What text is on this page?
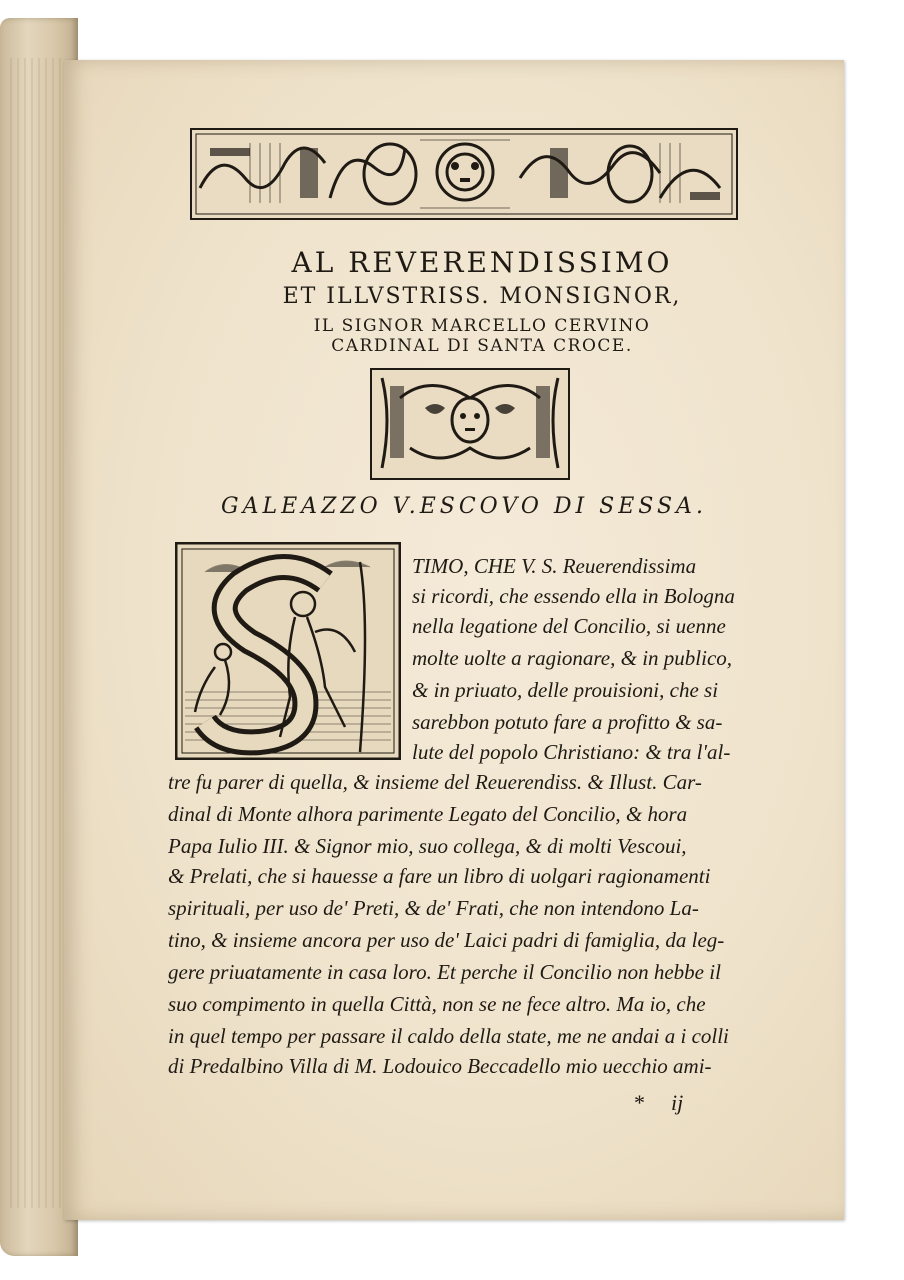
AL REVERENDISSIMO

ET ILLVSTRISS. MONSIGNOR,

IL SIGNOR MARCELLO CERVINO

CARDINAL DI SANTA CROCE.

GALEAZZO V.ESCOVO DI SESSA.

TIMO, CHE V. S. Reuerendissima

si ricordi, che essendo ella in Bologna

nella legatione del Concilio, si uenne

molte uolte a ragionare, & in publico,

& in priuato, delle prouisioni, che si

sarebbon potuto fare a profitto & sa-

lute del popolo Christiano: & tra l'al-

tre fu parer di quella, & insieme del Reuerendiss. & Illust. Car-

dinal di Monte alhora parimente Legato del Concilio, & hora

Papa Iulio III. & Signor mio, suo collega, & di molti Vescoui,

& Prelati, che si hauesse a fare un libro di uolgari ragionamenti

spirituali, per uso de' Preti, & de' Frati, che non intendono La-

tino, & insieme ancora per uso de' Laici padri di famiglia, da leg-

gere priuatamente in casa loro. Et perche il Concilio non hebbe il

suo compimento in quella Città, non se ne fece altro. Ma io, che

in quel tempo per passare il caldo della state, me ne andai a i colli

di Predalbino Villa di M. Lodouico Beccadello mio uecchio ami-

* ij
